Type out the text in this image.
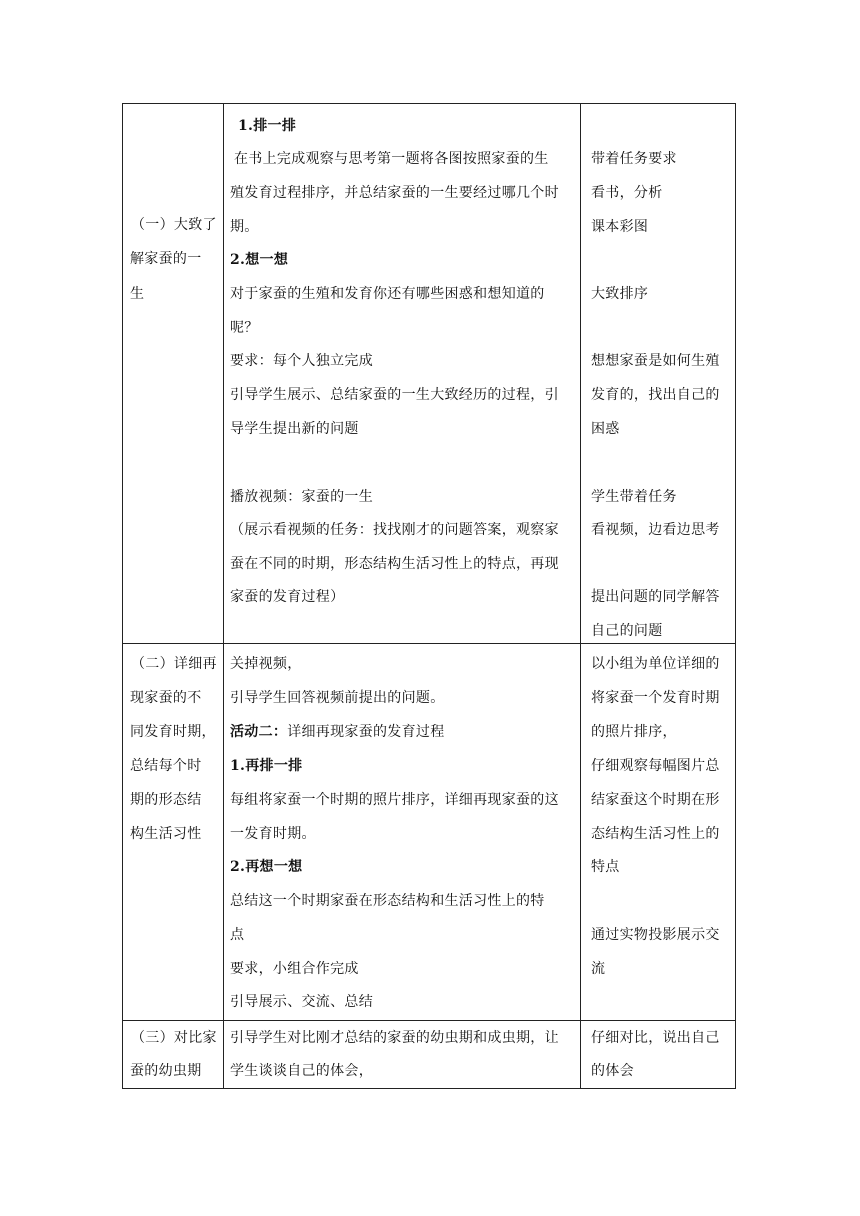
（一）大致了
解家蚕的一
生
1.排一排
在书上完成观察与思考第一题将各图按照家蚕的生
殖发育过程排序，并总结家蚕的一生要经过哪几个时
期。
2.想一想
对于家蚕的生殖和发育你还有哪些困惑和想知道的
呢？
要求：每个人独立完成
引导学生展示、总结家蚕的一生大致经历的过程，引
导学生提出新的问题
播放视频：家蚕的一生
（展示看视频的任务：找找刚才的问题答案，观察家
蚕在不同的时期，形态结构生活习性上的特点，再现
家蚕的发育过程）
带着任务要求
看书，分析
课本彩图
大致排序
想想家蚕是如何生殖
发育的，找出自己的
困惑
学生带着任务
看视频，边看边思考
提出问题的同学解答
自己的问题
（二）详细再
现家蚕的不
同发育时期，
总结每个时
期的形态结
构生活习性
关掉视频，
引导学生回答视频前提出的问题。
活动二：详细再现家蚕的发育过程
1.再排一排
每组将家蚕一个时期的照片排序，详细再现家蚕的这
一发育时期。
2.再想一想
总结这一个时期家蚕在形态结构和生活习性上的特
点
要求，小组合作完成
引导展示、交流、总结
以小组为单位详细的
将家蚕一个发育时期
的照片排序，
仔细观察每幅图片总
结家蚕这个时期在形
态结构生活习性上的
特点
通过实物投影展示交
流
（三）对比家
蚕的幼虫期
引导学生对比刚才总结的家蚕的幼虫期和成虫期，让
学生谈谈自己的体会，
仔细对比，说出自己
的体会
